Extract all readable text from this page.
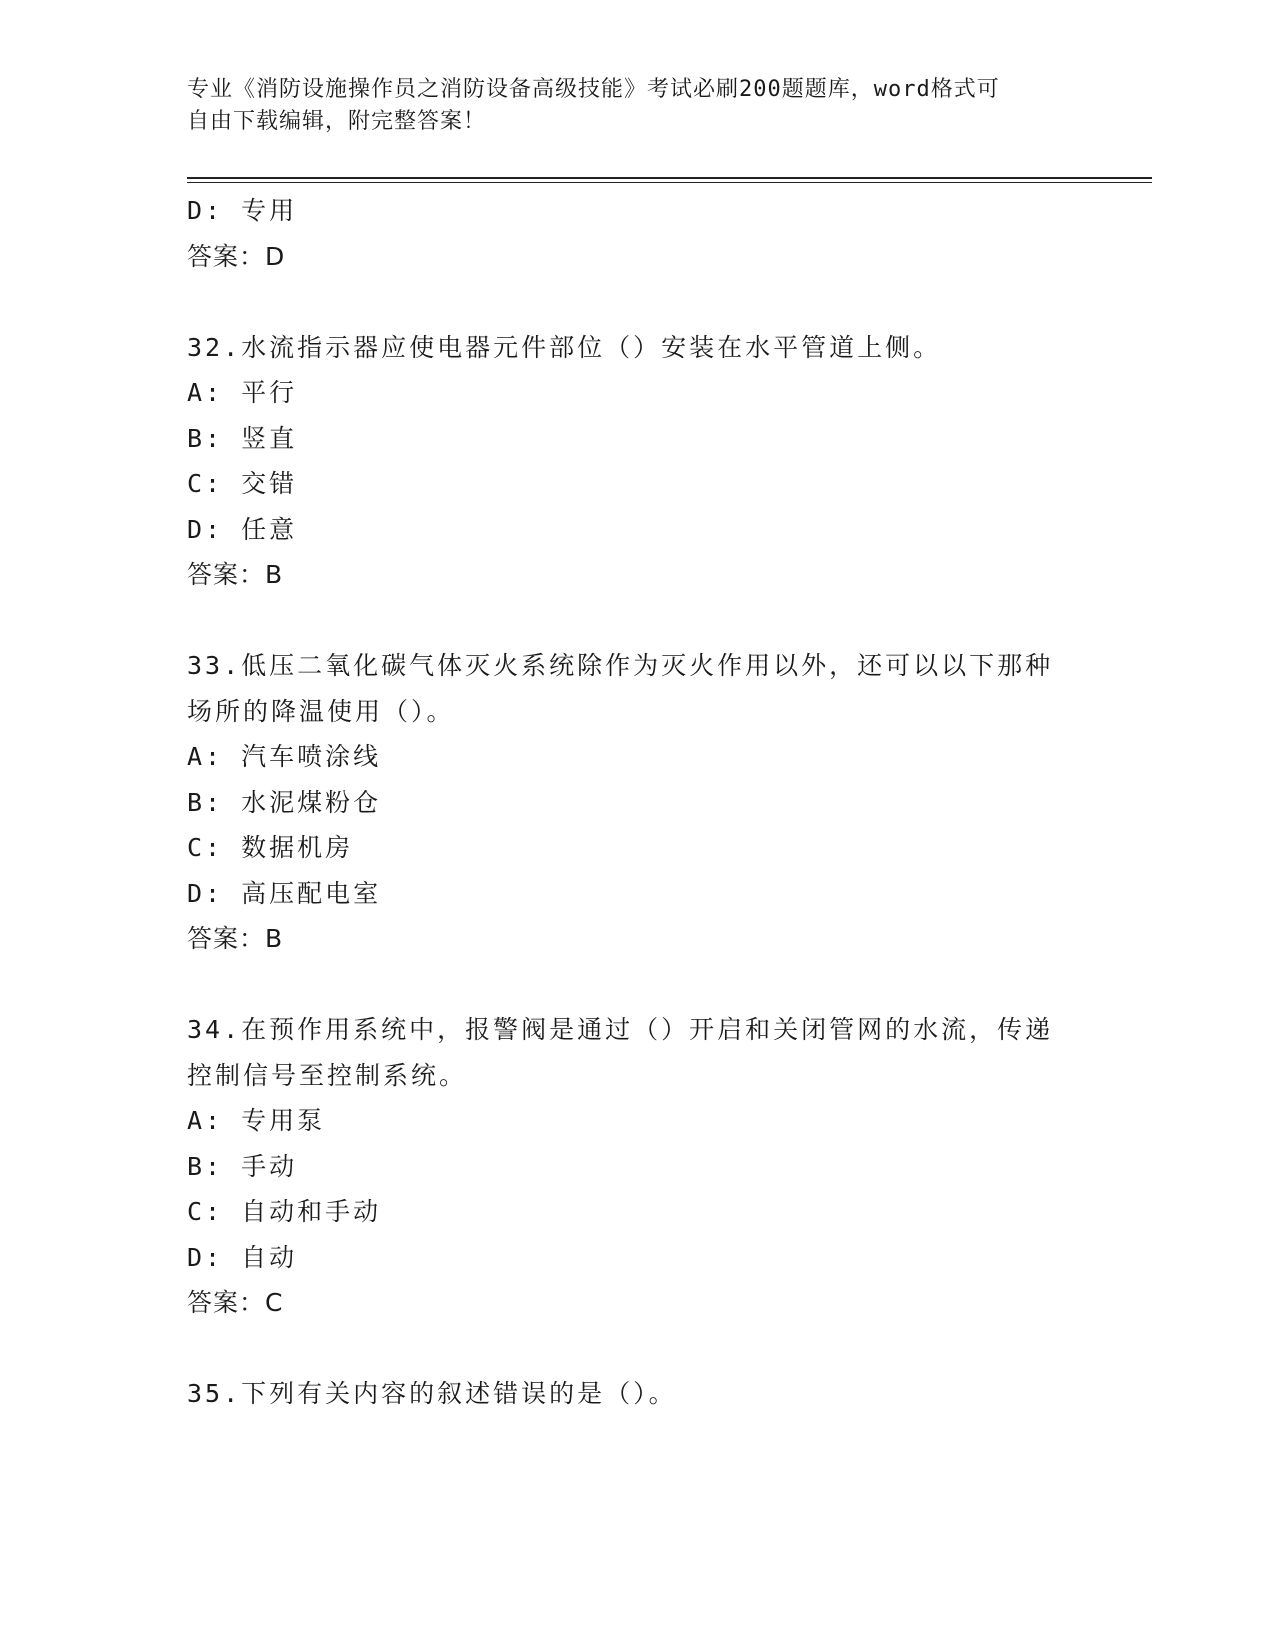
专业《消防设施操作员之消防设备高级技能》考试必刷200题题库，word格式可
自由下载编辑，附完整答案！
D: 专用
答案：D
32.水流指示器应使电器元件部位（）安装在水平管道上侧。
A: 平行
B: 竖直
C: 交错
D: 任意
答案：B
33.低压二氧化碳气体灭火系统除作为灭火作用以外，还可以以下那种
场所的降温使用（）。
A: 汽车喷涂线
B: 水泥煤粉仓
C: 数据机房
D: 高压配电室
答案：B
34.在预作用系统中，报警阀是通过（）开启和关闭管网的水流，传递
控制信号至控制系统。
A: 专用泵
B: 手动
C: 自动和手动
D: 自动
答案：C
35.下列有关内容的叙述错误的是（）。
